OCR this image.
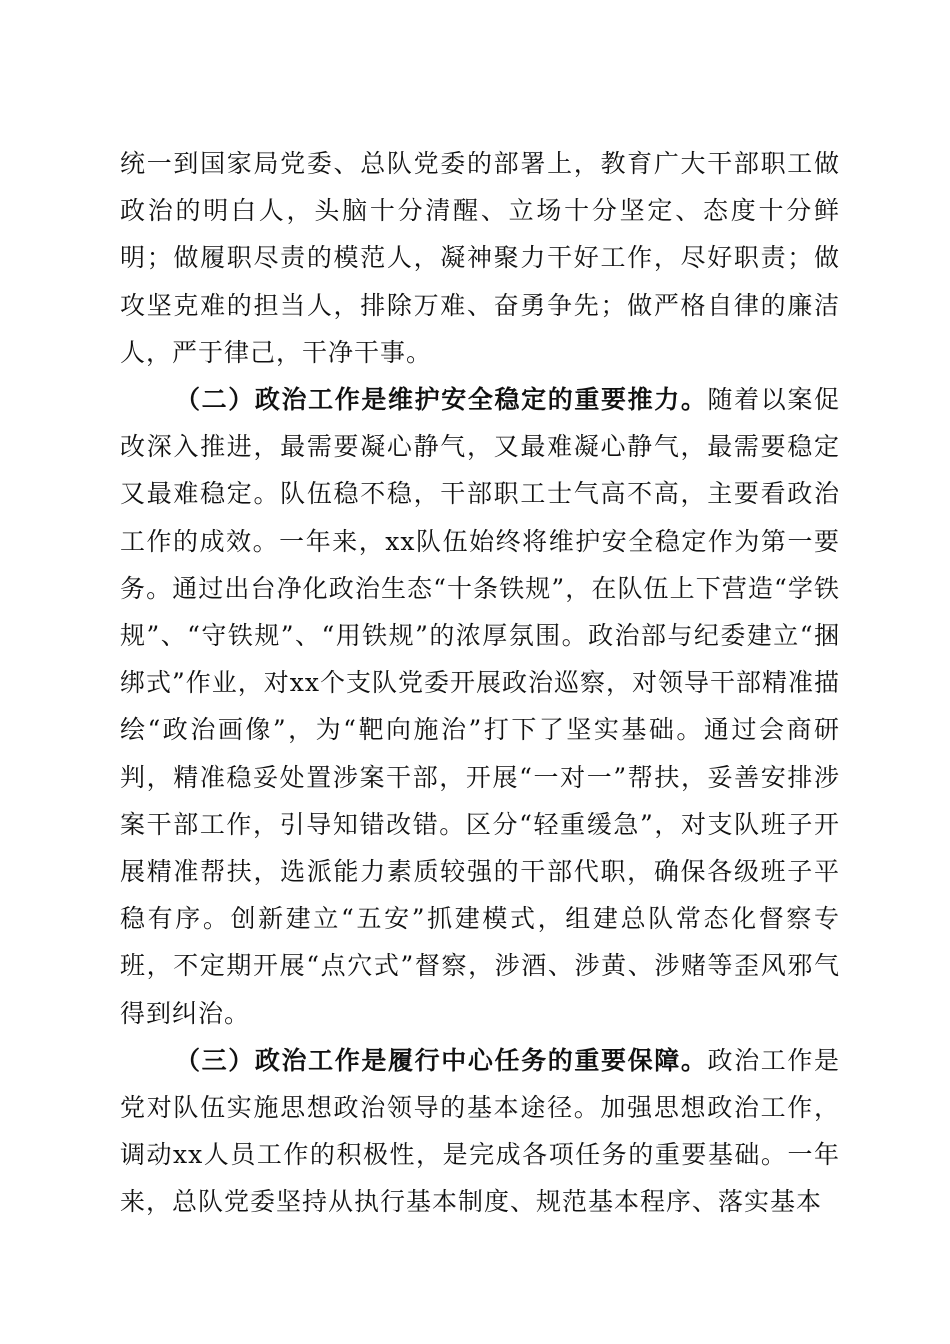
统一到国家局党委、总队党委的部署上，教育广大干部职工做政治的明白人，头脑十分清醒、立场十分坚定、态度十分鲜明；做履职尽责的模范人，凝神聚力干好工作，尽好职责；做攻坚克难的担当人，排除万难、奋勇争先；做严格自律的廉洁人，严于律己，干净干事。

（二）政治工作是维护安全稳定的重要推力。随着以案促改深入推进，最需要凝心静气，又最难凝心静气，最需要稳定又最难稳定。队伍稳不稳，干部职工士气高不高，主要看政治工作的成效。一年来，xx队伍始终将维护安全稳定作为第一要务。通过出台净化政治生态“十条铁规”，在队伍上下营造“学铁规”、“守铁规”、“用铁规”的浓厚氛围。政治部与纪委建立“捆绑式”作业，对xx个支队党委开展政治巡察，对领导干部精准描绘“政治画像”，为“靶向施治”打下了坚实基础。通过会商研判，精准稳妥处置涉案干部，开展“一对一”帮扶，妥善安排涉案干部工作，引导知错改错。区分“轻重缓急”，对支队班子开展精准帮扶，选派能力素质较强的干部代职，确保各级班子平稳有序。创新建立“五安”抓建模式，组建总队常态化督察专班，不定期开展“点穴式”督察，涉酒、涉黄、涉赌等歪风邪气得到纠治。

（三）政治工作是履行中心任务的重要保障。政治工作是党对队伍实施思想政治领导的基本途径。加强思想政治工作，调动xx人员工作的积极性，是完成各项任务的重要基础。一年来，总队党委坚持从执行基本制度、规范基本程序、落实基本
